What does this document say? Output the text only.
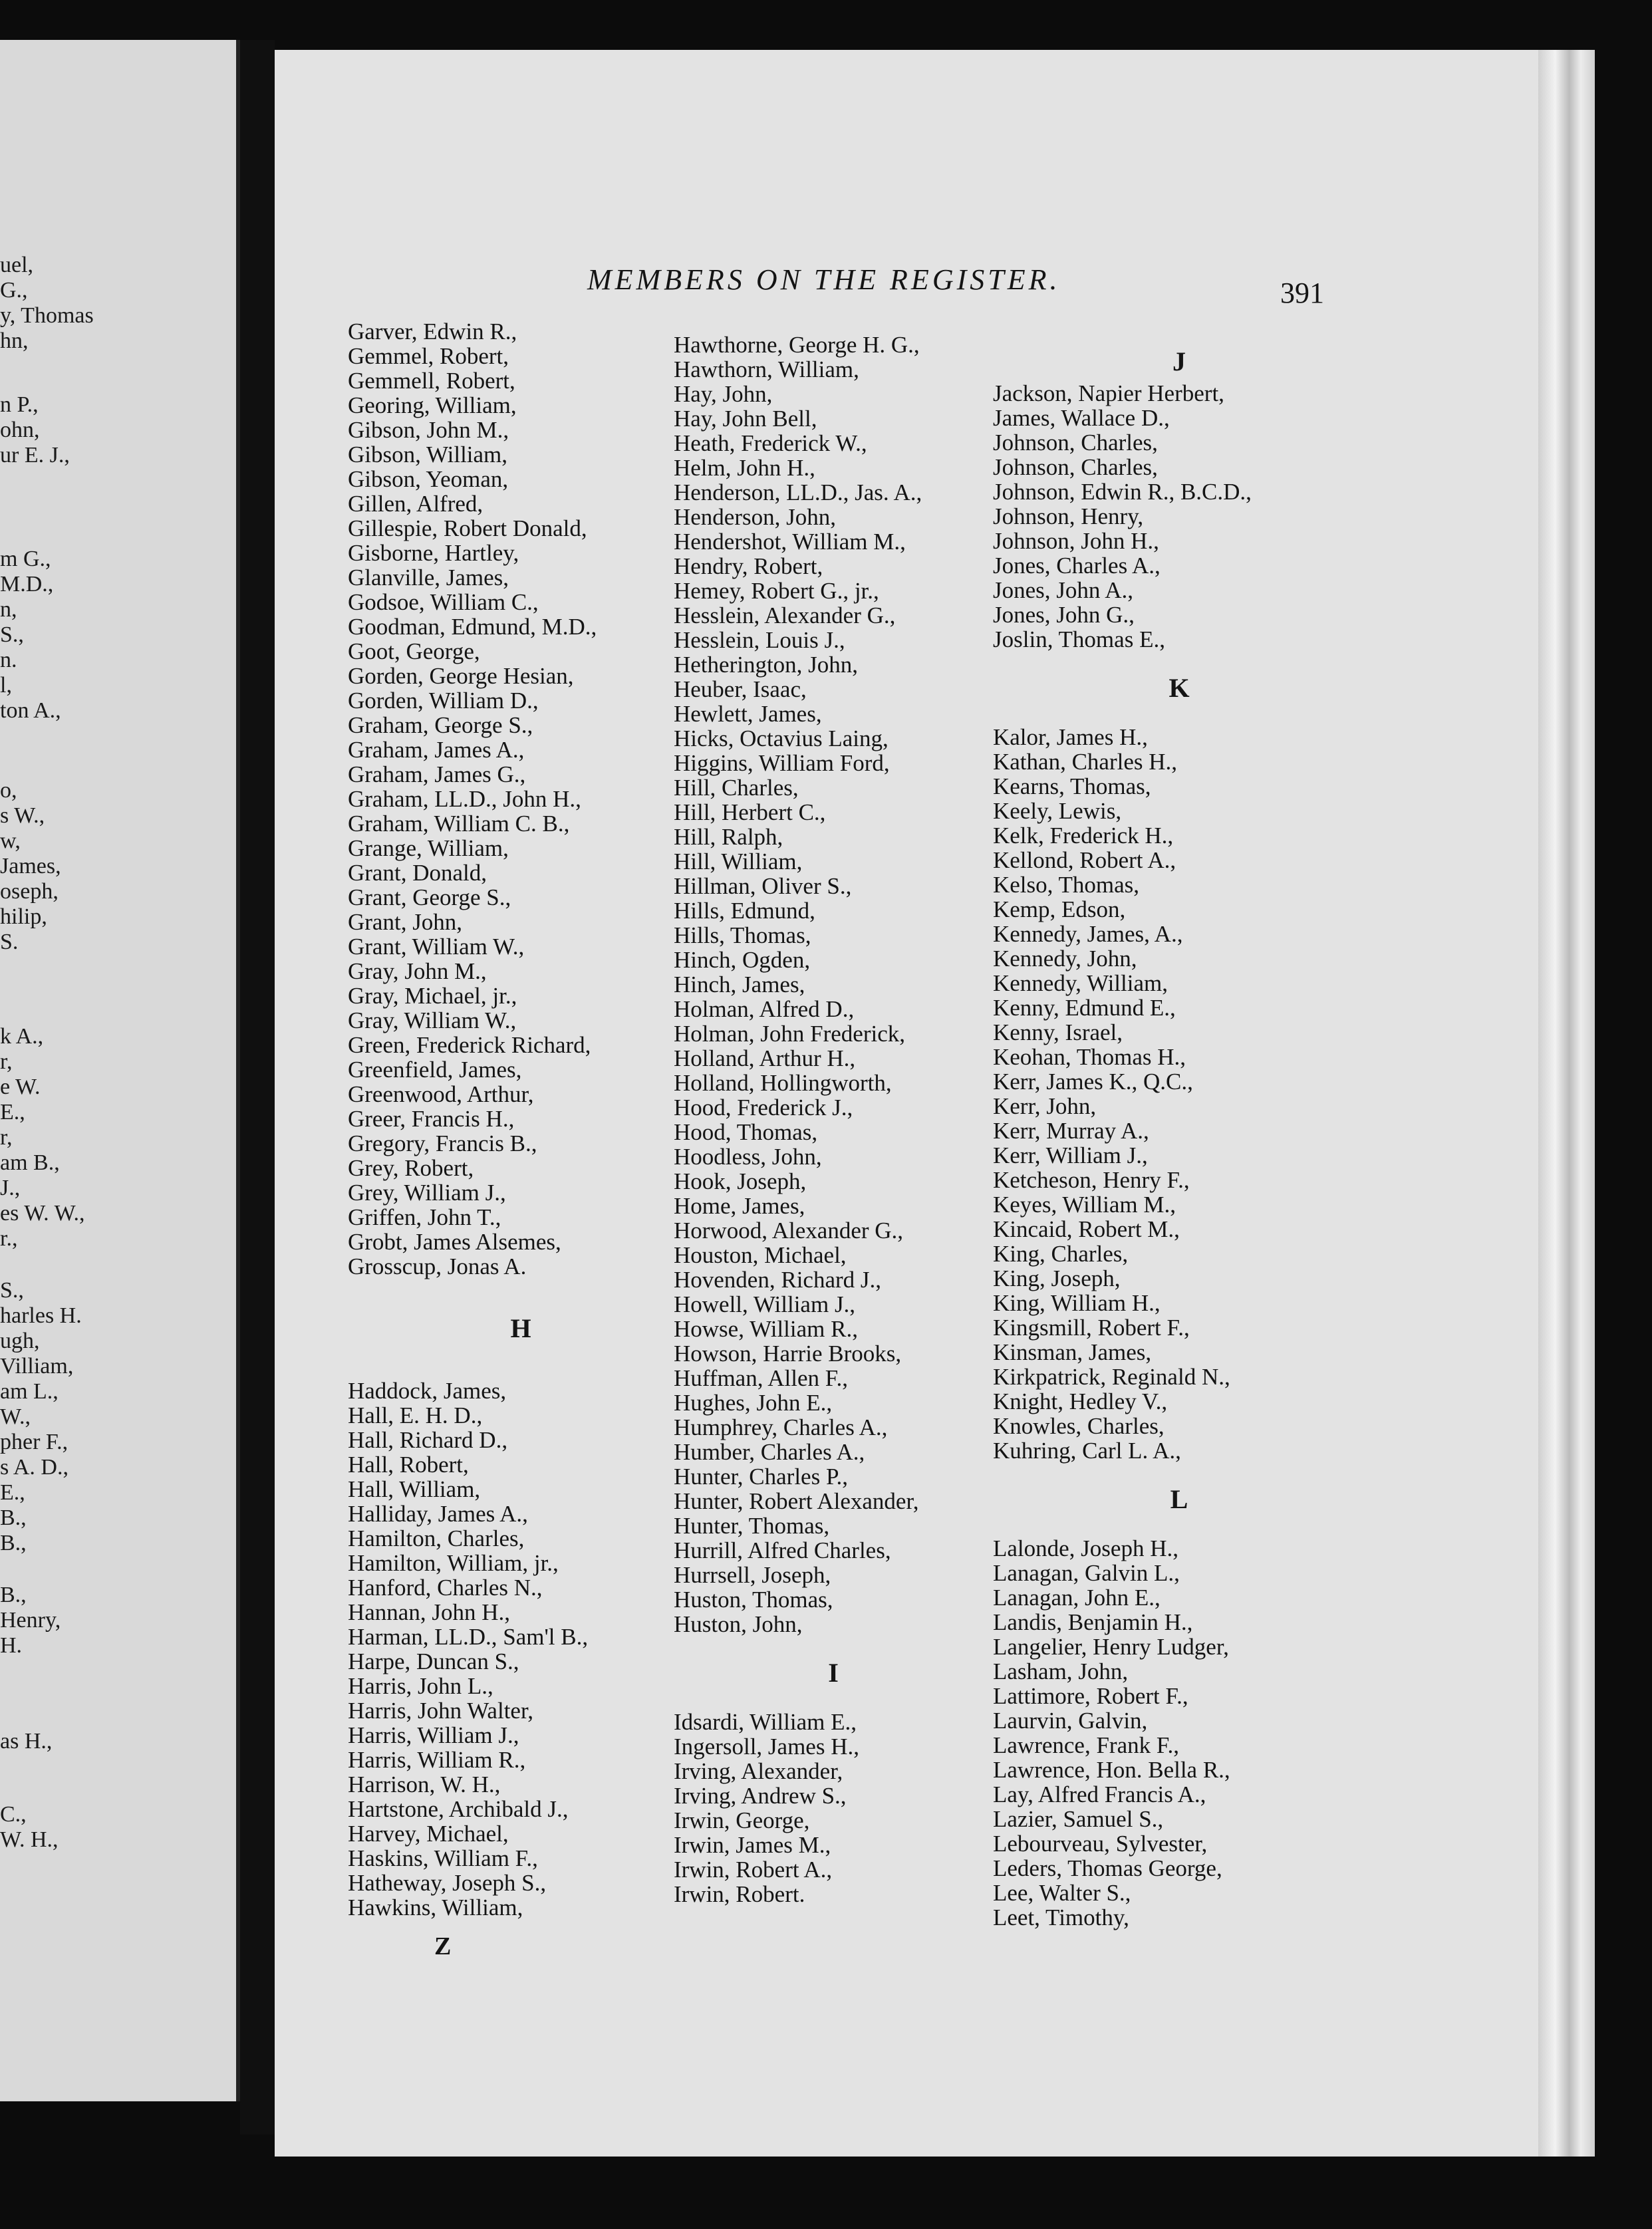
uel,
G.,
y, Thomas
hn,
n P.,
ohn,
ur E. J.,
m G.,
M.D.,
n,
S.,
n.
l,
ton A.,
o,
s W.,
w,
James,
oseph,
hilip,
S.
k A.,
r,
e W.
E.,
r,
am B.,
J.,
es W. W.,
r.,
S.,
harles H.
ugh,
Villiam,
am L.,
W.,
pher F.,
s A. D.,
E.,
B.,
B.,
B.,
Henry,
H.
as H.,
C.,
W. H.,
MEMBERS ON THE REGISTER.	391
Garver, Edwin R.,
Gemmel, Robert,
Gemmell, Robert,
Georing, William,
Gibson, John M.,
Gibson, William,
Gibson, Yeoman,
Gillen, Alfred,
Gillespie, Robert Donald,
Gisborne, Hartley,
Glanville, James,
Godsoe, William C.,
Goodman, Edmund, M.D.,
Goot, George,
Gorden, George Hesian,
Gorden, William D.,
Graham, George S.,
Graham, James A.,
Graham, James G.,
Graham, LL.D., John H.,
Graham, William C. B.,
Grange, William,
Grant, Donald,
Grant, George S.,
Grant, John,
Grant, William W.,
Gray, John M.,
Gray, Michael, jr.,
Gray, William W.,
Green, Frederick Richard,
Greenfield, James,
Greenwood, Arthur,
Greer, Francis H.,
Gregory, Francis B.,
Grey, Robert,
Grey, William J.,
Griffen, John T.,
Grobt, James Alsemes,
Grosscup, Jonas A.
H
Haddock, James,
Hall, E. H. D.,
Hall, Richard D.,
Hall, Robert,
Hall, William,
Halliday, James A.,
Hamilton, Charles,
Hamilton, William, jr.,
Hanford, Charles N.,
Hannan, John H.,
Harman, LL.D., Sam'l B.,
Harpe, Duncan S.,
Harris, John L.,
Harris, John Walter,
Harris, William J.,
Harris, William R.,
Harrison, W. H.,
Hartstone, Archibald J.,
Harvey, Michael,
Haskins, William F.,
Hatheway, Joseph S.,
Hawkins, William,
Hawthorne, George H. G.,
Hawthorn, William,
Hay, John,
Hay, John Bell,
Heath, Frederick W.,
Helm, John H.,
Henderson, LL.D., Jas. A.,
Henderson, John,
Hendershot, William M.,
Hendry, Robert,
Hemey, Robert G., jr.,
Hesslein, Alexander G.,
Hesslein, Louis J.,
Hetherington, John,
Heuber, Isaac,
Hewlett, James,
Hicks, Octavius Laing,
Higgins, William Ford,
Hill, Charles,
Hill, Herbert C.,
Hill, Ralph,
Hill, William,
Hillman, Oliver S.,
Hills, Edmund,
Hills, Thomas,
Hinch, Ogden,
Hinch, James,
Holman, Alfred D.,
Holman, John Frederick,
Holland, Arthur H.,
Holland, Hollingworth,
Hood, Frederick J.,
Hood, Thomas,
Hoodless, John,
Hook, Joseph,
Home, James,
Horwood, Alexander G.,
Houston, Michael,
Hovenden, Richard J.,
Howell, William J.,
Howse, William R.,
Howson, Harrie Brooks,
Huffman, Allen F.,
Hughes, John E.,
Humphrey, Charles A.,
Humber, Charles A.,
Hunter, Charles P.,
Hunter, Robert Alexander,
Hunter, Thomas,
Hurrill, Alfred Charles,
Hurrsell, Joseph,
Huston, Thomas,
Huston, John,
I
Idsardi, William E.,
Ingersoll, James H.,
Irving, Alexander,
Irving, Andrew S.,
Irwin, George,
Irwin, James M.,
Irwin, Robert A.,
Irwin, Robert.
J
Jackson, Napier Herbert,
James, Wallace D.,
Johnson, Charles,
Johnson, Charles,
Johnson, Edwin R., B.C.D.,
Johnson, Henry,
Johnson, John H.,
Jones, Charles A.,
Jones, John A.,
Jones, John G.,
Joslin, Thomas E.,
K
Kalor, James H.,
Kathan, Charles H.,
Kearns, Thomas,
Keely, Lewis,
Kelk, Frederick H.,
Kellond, Robert A.,
Kelso, Thomas,
Kemp, Edson,
Kennedy, James, A.,
Kennedy, John,
Kennedy, William,
Kenny, Edmund E.,
Kenny, Israel,
Keohan, Thomas H.,
Kerr, James K., Q.C.,
Kerr, John,
Kerr, Murray A.,
Kerr, William J.,
Ketcheson, Henry F.,
Keyes, William M.,
Kincaid, Robert M.,
King, Charles,
King, Joseph,
King, William H.,
Kingsmill, Robert F.,
Kinsman, James,
Kirkpatrick, Reginald N.,
Knight, Hedley V.,
Knowles, Charles,
Kuhring, Carl L. A.,
L
Lalonde, Joseph H.,
Lanagan, Galvin L.,
Lanagan, John E.,
Landis, Benjamin H.,
Langelier, Henry Ludger,
Lasham, John,
Lattimore, Robert F.,
Laurvin, Galvin,
Lawrence, Frank F.,
Lawrence, Hon. Bella R.,
Lay, Alfred Francis A.,
Lazier, Samuel S.,
Lebourveau, Sylvester,
Leders, Thomas George,
Lee, Walter S.,
Leet, Timothy,
Z
